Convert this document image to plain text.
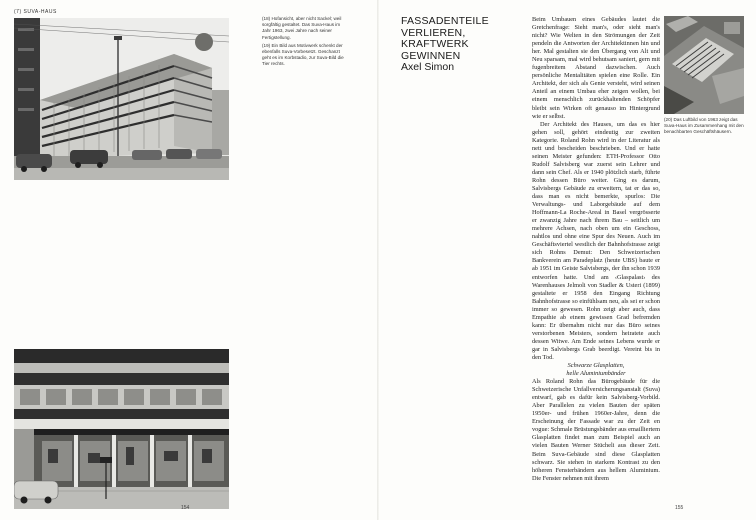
(7) SUVA-HAUS

(18) Hofansicht, aber nicht Sackel; weil sorgfältig gestaltet. Das Suva-Haus im Jahr 1963, zwei Jahre nach seiner Fertigstellung.

(19) Ein Bild aus Motivwerk schenkt der ebenfalls Suva-Vorbesetzt. Geschanzt geht es im Korbstadio, zur Suva-Bild die Tier rechts.

154	155
FASSADENTEILE VERLIEREN, KRAFTWERK GEWINNEN

Axel Simon

Beim Umbauen eines Gebäudes lautet die Gretchenfrage: Sieht man's, oder sieht man's nicht? Wie Welten in den Strömungen der Zeit pendeln die Antworten der Architektinnen hin und her. Mal gestalten sie den Übergang von Alt und Neu sparsam, mal wird behutsam saniert, gern mit fugenbreitem Abstand dazwischen. Auch persönliche Mentalitäten spielen eine Rolle. Ein Architekt, der sich als Genie versteht, wird seinen Anteil an einem Umbau eher zeigen wollen, bei einem menschlich zurückhaltenden Schöpfer bleibt sein Wirken oft genauso im Hintergrund wie er selbst.

Der Architekt des Hauses, um das es hier gehen soll, gehört eindeutig zur zweiten Kategorie. Roland Rohn wird in der Literatur als nett und bescheiden beschrieben. Und er hatte seinen Meister gefunden: ETH-Professor Otto Rudolf Salvisberg war zuerst sein Lehrer und dann sein Chef. Als er 1940 plötzlich starb, führte Rohn dessen Büro weiter. Ging es darum, Salvisbergs Gebäude zu erweitern, tat er das so, dass man es nicht bemerkte, spurlos: Die Verwaltungs- und Laborgebäude auf dem Hoffmann-La Roche-Areal in Basel vergrösserte er zwanzig Jahre nach ihrem Bau – seitlich um mehrere Achsen, nach oben um ein Geschoss, nahtlos und ohne eine Spur des Neuen. Auch im Geschäftsviertel westlich der Bahnhofstrasse zeigt sich Rohns Demut: Den Schweizerischen Bankverein am Paradeplatz (heute UBS) baute er ab 1951 im Geiste Salvisbergs, der ihn schon 1939 entworfen hatte. Und am ‹Glaspalast› des Warenhauses Jelmoli von Stadler & Usteri (1899) gestaltete er 1958 den Eingang Richtung Bahnhofstrasse so einfühlsam neu, als sei er schon immer so gewesen. Rohn zeigt aber auch, dass Empathie ab einem gewissen Grad befremden kann: Er übernahm nicht nur das Büro seines verstorbenen Meisters, sondern heiratete auch dessen Witwe. Am Ende seines Lebens wurde er gar in Salvisbergs Grab beerdigt. Vereint bis in den Tod.

Schwarze Glasplatten,
helle Aluminiumbänder

Als Roland Rohn das Bürogebäude für die Schweizerische Unfallversicherungsanstalt (Suva) entwarf, gab es dafür kein Salvisberg-Vorbild. Aber Parallelen zu vielen Bauten der späten 1950er- und frühen 1960er-Jahre, denn die Erscheinung der Fassade war zu der Zeit en vogue: Schmale Brüstungsbänder aus emailliertem Glasplatten findet man zum Beispiel auch an vielen Bauten Werner Stücheli aus dieser Zeit. Beim Suva-Gebäude sind diese Glasplatten schwarz. Sie stehen in starkem Kontrast zu den höheren Fensterbändern aus hellem Aluminium. Die Fenster nehmen mit ihrem

(20) Das Luftbild von 1963 zeigt das Suva-Haus im Zusammenhang mit den benachbarten Geschäftshäusern.
